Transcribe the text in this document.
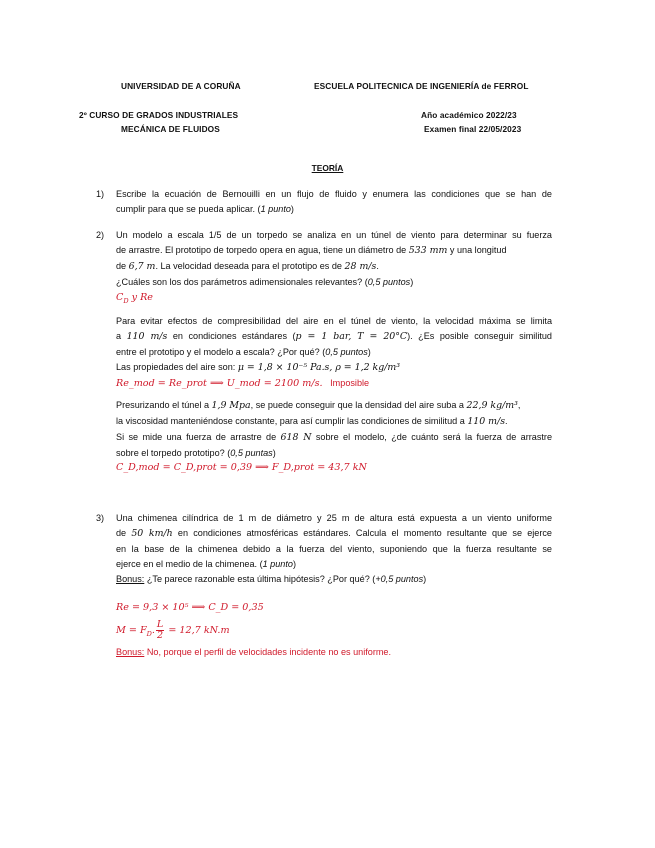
UNIVERSIDAD DE A CORUÑA	ESCUELA POLITECNICA DE INGENIERÍA de FERROL
2º CURSO DE GRADOS INDUSTRIALES	Año académico 2022/23
MECÁNICA DE FLUIDOS	Examen final 22/05/2023
TEORÍA
1) Escribe la ecuación de Bernouilli en un flujo de fluido y enumera las condiciones que se han de
cumplir para que se pueda aplicar. (1 punto)
2) Un modelo a escala 1/5 de un torpedo se analiza en un túnel de viento para determinar su fuerza
de arrastre. El prototipo de torpedo opera en agua, tiene un diámetro de 533 mm y una longitud
de 6,7 m. La velocidad deseada para el prototipo es de 28 m/s.
¿Cuáles son los dos parámetros adimensionales relevantes? (0,5 puntos)
$C_D$ y Re
Para evitar efectos de compresibilidad del aire en el túnel de viento, la velocidad máxima se limita
a 110 m/s en condiciones estándares (p = 1 bar, T = 20°C). ¿Es posible conseguir similitud
entre el prototipo y el modelo a escala? ¿Por qué? (0,5 puntos)
Las propiedades del aire son: μ = 1,8 × 10⁻⁵ Pa.s, ρ = 1,2 kg/m³
Re_mod = Re_prot ⟹ U_mod = 2100 m/s. Imposible
Presurizando el túnel a 1,9 Mpa, se puede conseguir que la densidad del aire suba a 22,9 kg/m³,
la viscosidad manteniéndose constante, para así cumplir las condiciones de similitud a 110 m/s.
Si se mide una fuerza de arrastre de 618 N sobre el modelo, ¿de cuánto será la fuerza de arrastre
sobre el torpedo prototipo? (0,5 puntas)
C_D,mod = C_D,prot = 0,39 ⟹ F_D,prot = 43,7 kN
3) Una chimenea cilíndrica de 1 m de diámetro y 25 m de altura está expuesta a un viento uniforme
de 50 km/h en condiciones atmosféricas estándares. Calcula el momento resultante que se ejerce
en la base de la chimenea debido a la fuerza del viento, suponiendo que la fuerza resultante se
ejerce en el medio de la chimenea. (1 punto)
Bonus: ¿Te parece razonable esta última hipótesis? ¿Por qué? (+0,5 puntos)
Re = 9,3 × 10⁵ ⟹ C_D = 0,35
$M = F_D$. $\frac{L}{2} = 12,7$ kN.m
Bonus: No, porque el perfil de velocidades incidente no es uniforme.
